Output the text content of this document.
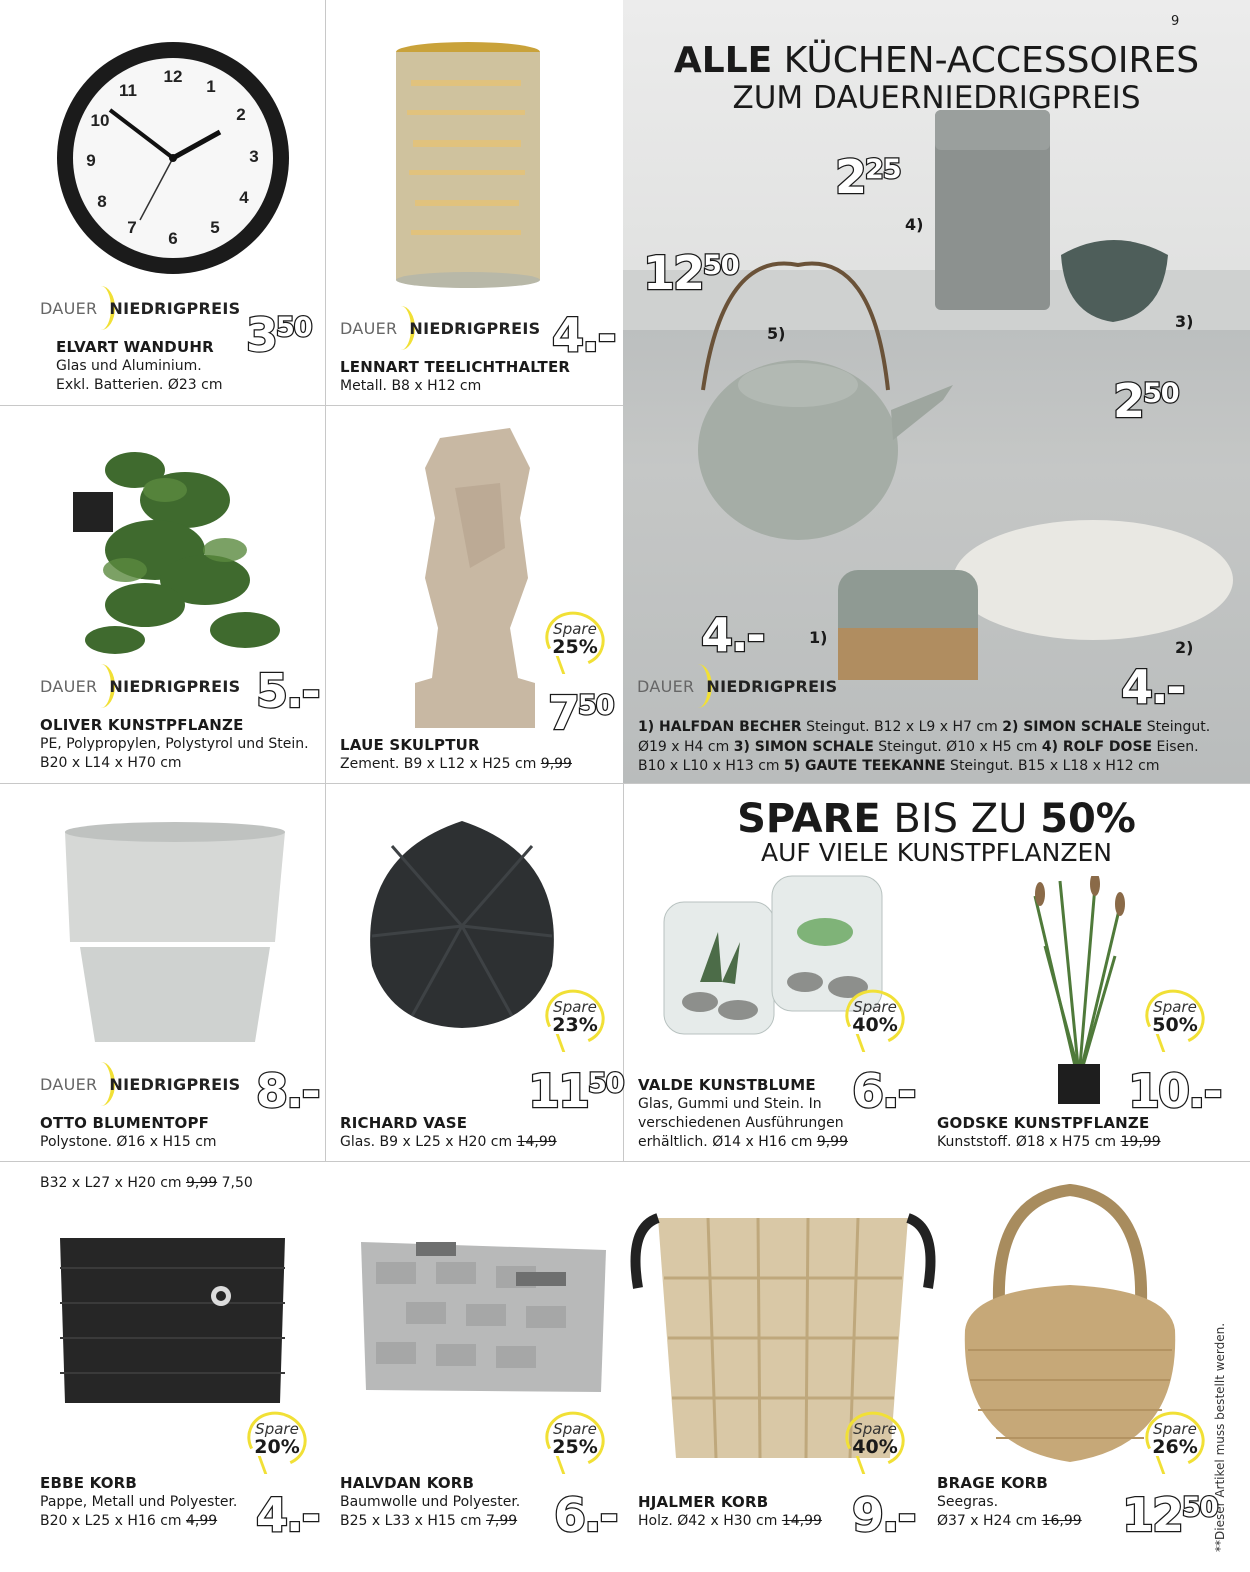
12
1
2
3
4
5
6
7
8
9
10
11
DAUER NIEDRIGPREIS 350
ELVART WANDUHR
Glas und Aluminium.
Exkl. Batterien. Ø23 cm
DAUER NIEDRIGPREIS 4.-
LENNART TEELICHTHALTER
Metall. B8 x H12 cm
DAUER NIEDRIGPREIS 5.-
OLIVER KUNSTPFLANZE
PE, Polypropylen, Polystyrol und Stein.
B20 x L14 x H70 cm
Spare
25%
750
LAUE SKULPTUR
Zement. B9 x L12 x H25 cm 9,99
ALLE KÜCHEN-ACCESSOIRES
ZUM DAUERNIEDRIGPREIS
9
225
4)
1250
5)
3)
250
4.-	1)
2)
4.-
DAUER NIEDRIGPREIS
1) HALFDAN BECHER Steingut. B12 x L9 x H7 cm 2) SIMON SCHALE Steingut.
Ø19 x H4 cm 3) SIMON SCHALE Steingut. Ø10 x H5 cm 4) ROLF DOSE Eisen.
B10 x L10 x H13 cm 5) GAUTE TEEKANNE Steingut. B15 x L18 x H12 cm
SPARE BIS ZU 50%
AUF VIELE KUNSTPFLANZEN
DAUER NIEDRIGPREIS 8.-
OTTO BLUMENTOPF
Polystone. Ø16 x H15 cm
Spare
23%
1150
RICHARD VASE
Glas. B9 x L25 x H20 cm 14,99
Spare
40%
6.-
VALDE KUNSTBLUME
Glas, Gummi und Stein. In
verschiedenen Ausführungen
erhältlich. Ø14 x H16 cm 9,99
Spare
50%
10.-
GODSKE KUNSTPFLANZE
Kunststoff. Ø18 x H75 cm 19,99
B32 x L27 x H20 cm 9,99 7,50
Spare
20%
4.-
EBBE KORB
Pappe, Metall und Polyester.
B20 x L25 x H16 cm 4,99
Spare
25%
6.-
HALVDAN KORB
Baumwolle und Polyester.
B25 x L33 x H15 cm 7,99
Spare
40%
9.-
HJALMER KORB
Holz. Ø42 x H30 cm 14,99
Spare
26%
1250
BRAGE KORB
Seegras.
Ø37 x H24 cm 16,99	**Dieser Artikel muss bestellt werden.
